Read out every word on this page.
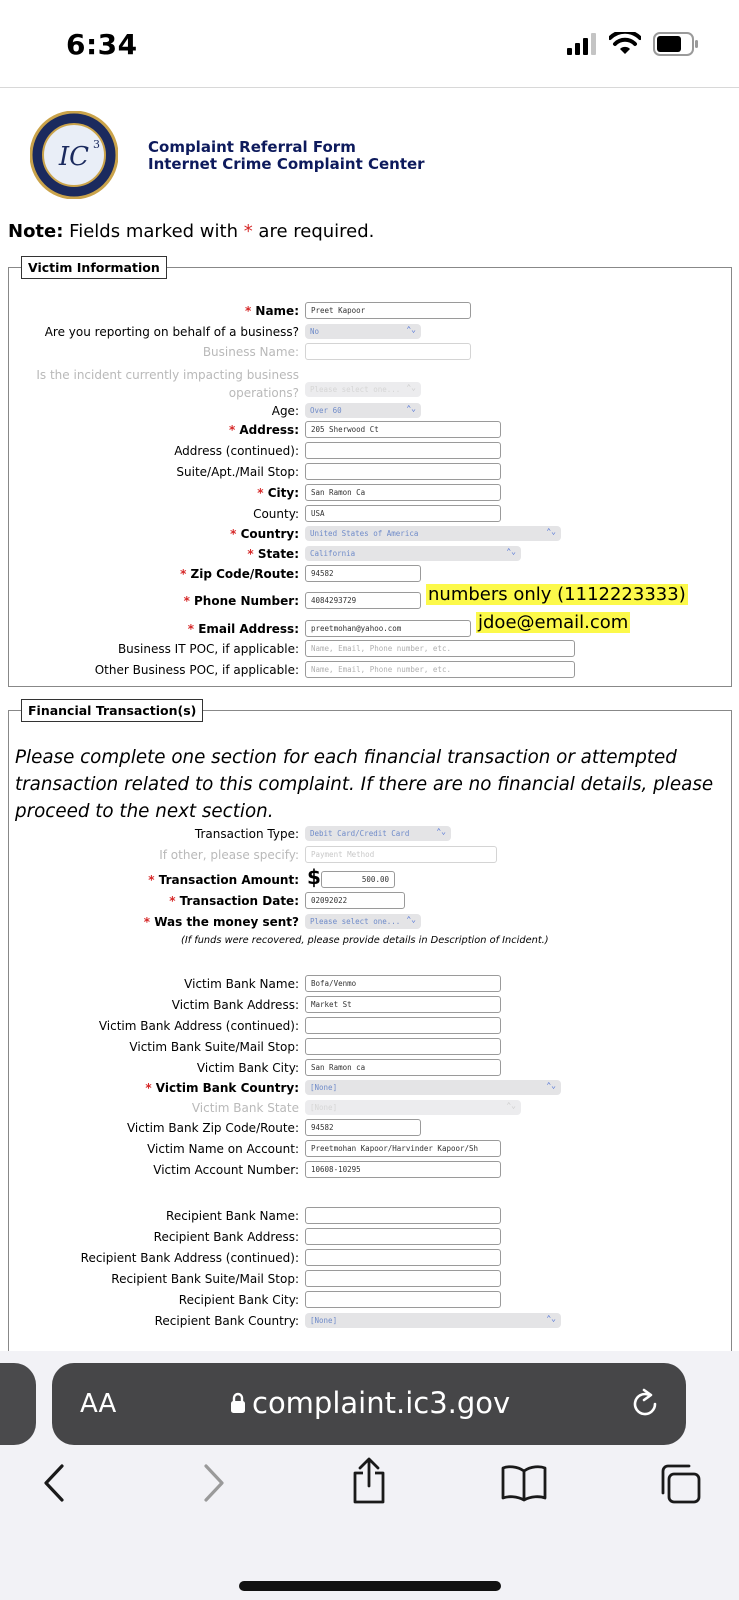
6:34
IC 3	Complaint Referral Form
Internet Crime Complaint Center
Note: Fields marked with * are required.
Victim Information
* Name:	Preet Kapoor
Are you reporting on behalf of a business?	No	⌃⌄
Business Name:
Is the incident currently impacting business operations?	Please select one... ⌃⌄
Age:	Over 60	⌃⌄
* Address:	205 Sherwood Ct
Address (continued):
Suite/Apt./Mail Stop:
* City:	San Ramon Ca
County:	USA
* Country:	United States of America	⌃⌄
* State:	California	⌃⌄
* Zip Code/Route:	94582
* Phone Number:	4084293729	numbers only (1112223333)
* Email Address:	preetmohan@yahoo.com	jdoe@email.com
Business IT POC, if applicable:	Name, Email, Phone number, etc.
Other Business POC, if applicable:	Name, Email, Phone number, etc.
Financial Transaction(s)
Please complete one section for each financial transaction or attempted transaction related to this complaint. If there are no financial details, please proceed to the next section.
Transaction Type:	Debit Card/Credit Card	⌃⌄
If other, please specify:	Payment Method
* Transaction Amount: $	500.00
* Transaction Date:	02092022
* Was the money sent?	Please select one... ⌃⌄
(If funds were recovered, please provide details in Description of Incident.)
Victim Bank Name:	Bofa/Venmo
Victim Bank Address:	Market St
Victim Bank Address (continued):
Victim Bank Suite/Mail Stop:
Victim Bank City:	San Ramon ca
* Victim Bank Country:	[None]	⌃⌄
Victim Bank State	[None]	⌃⌄
Victim Bank Zip Code/Route:	94582
Victim Name on Account:	Preetmohan Kapoor/Harvinder Kapoor/Sh
Victim Account Number:	10608-10295
Recipient Bank Name:
Recipient Bank Address:
Recipient Bank Address (continued):
Recipient Bank Suite/Mail Stop:
Recipient Bank City:
Recipient Bank Country:	[None]	⌃⌄
AA	complaint.ic3.gov
